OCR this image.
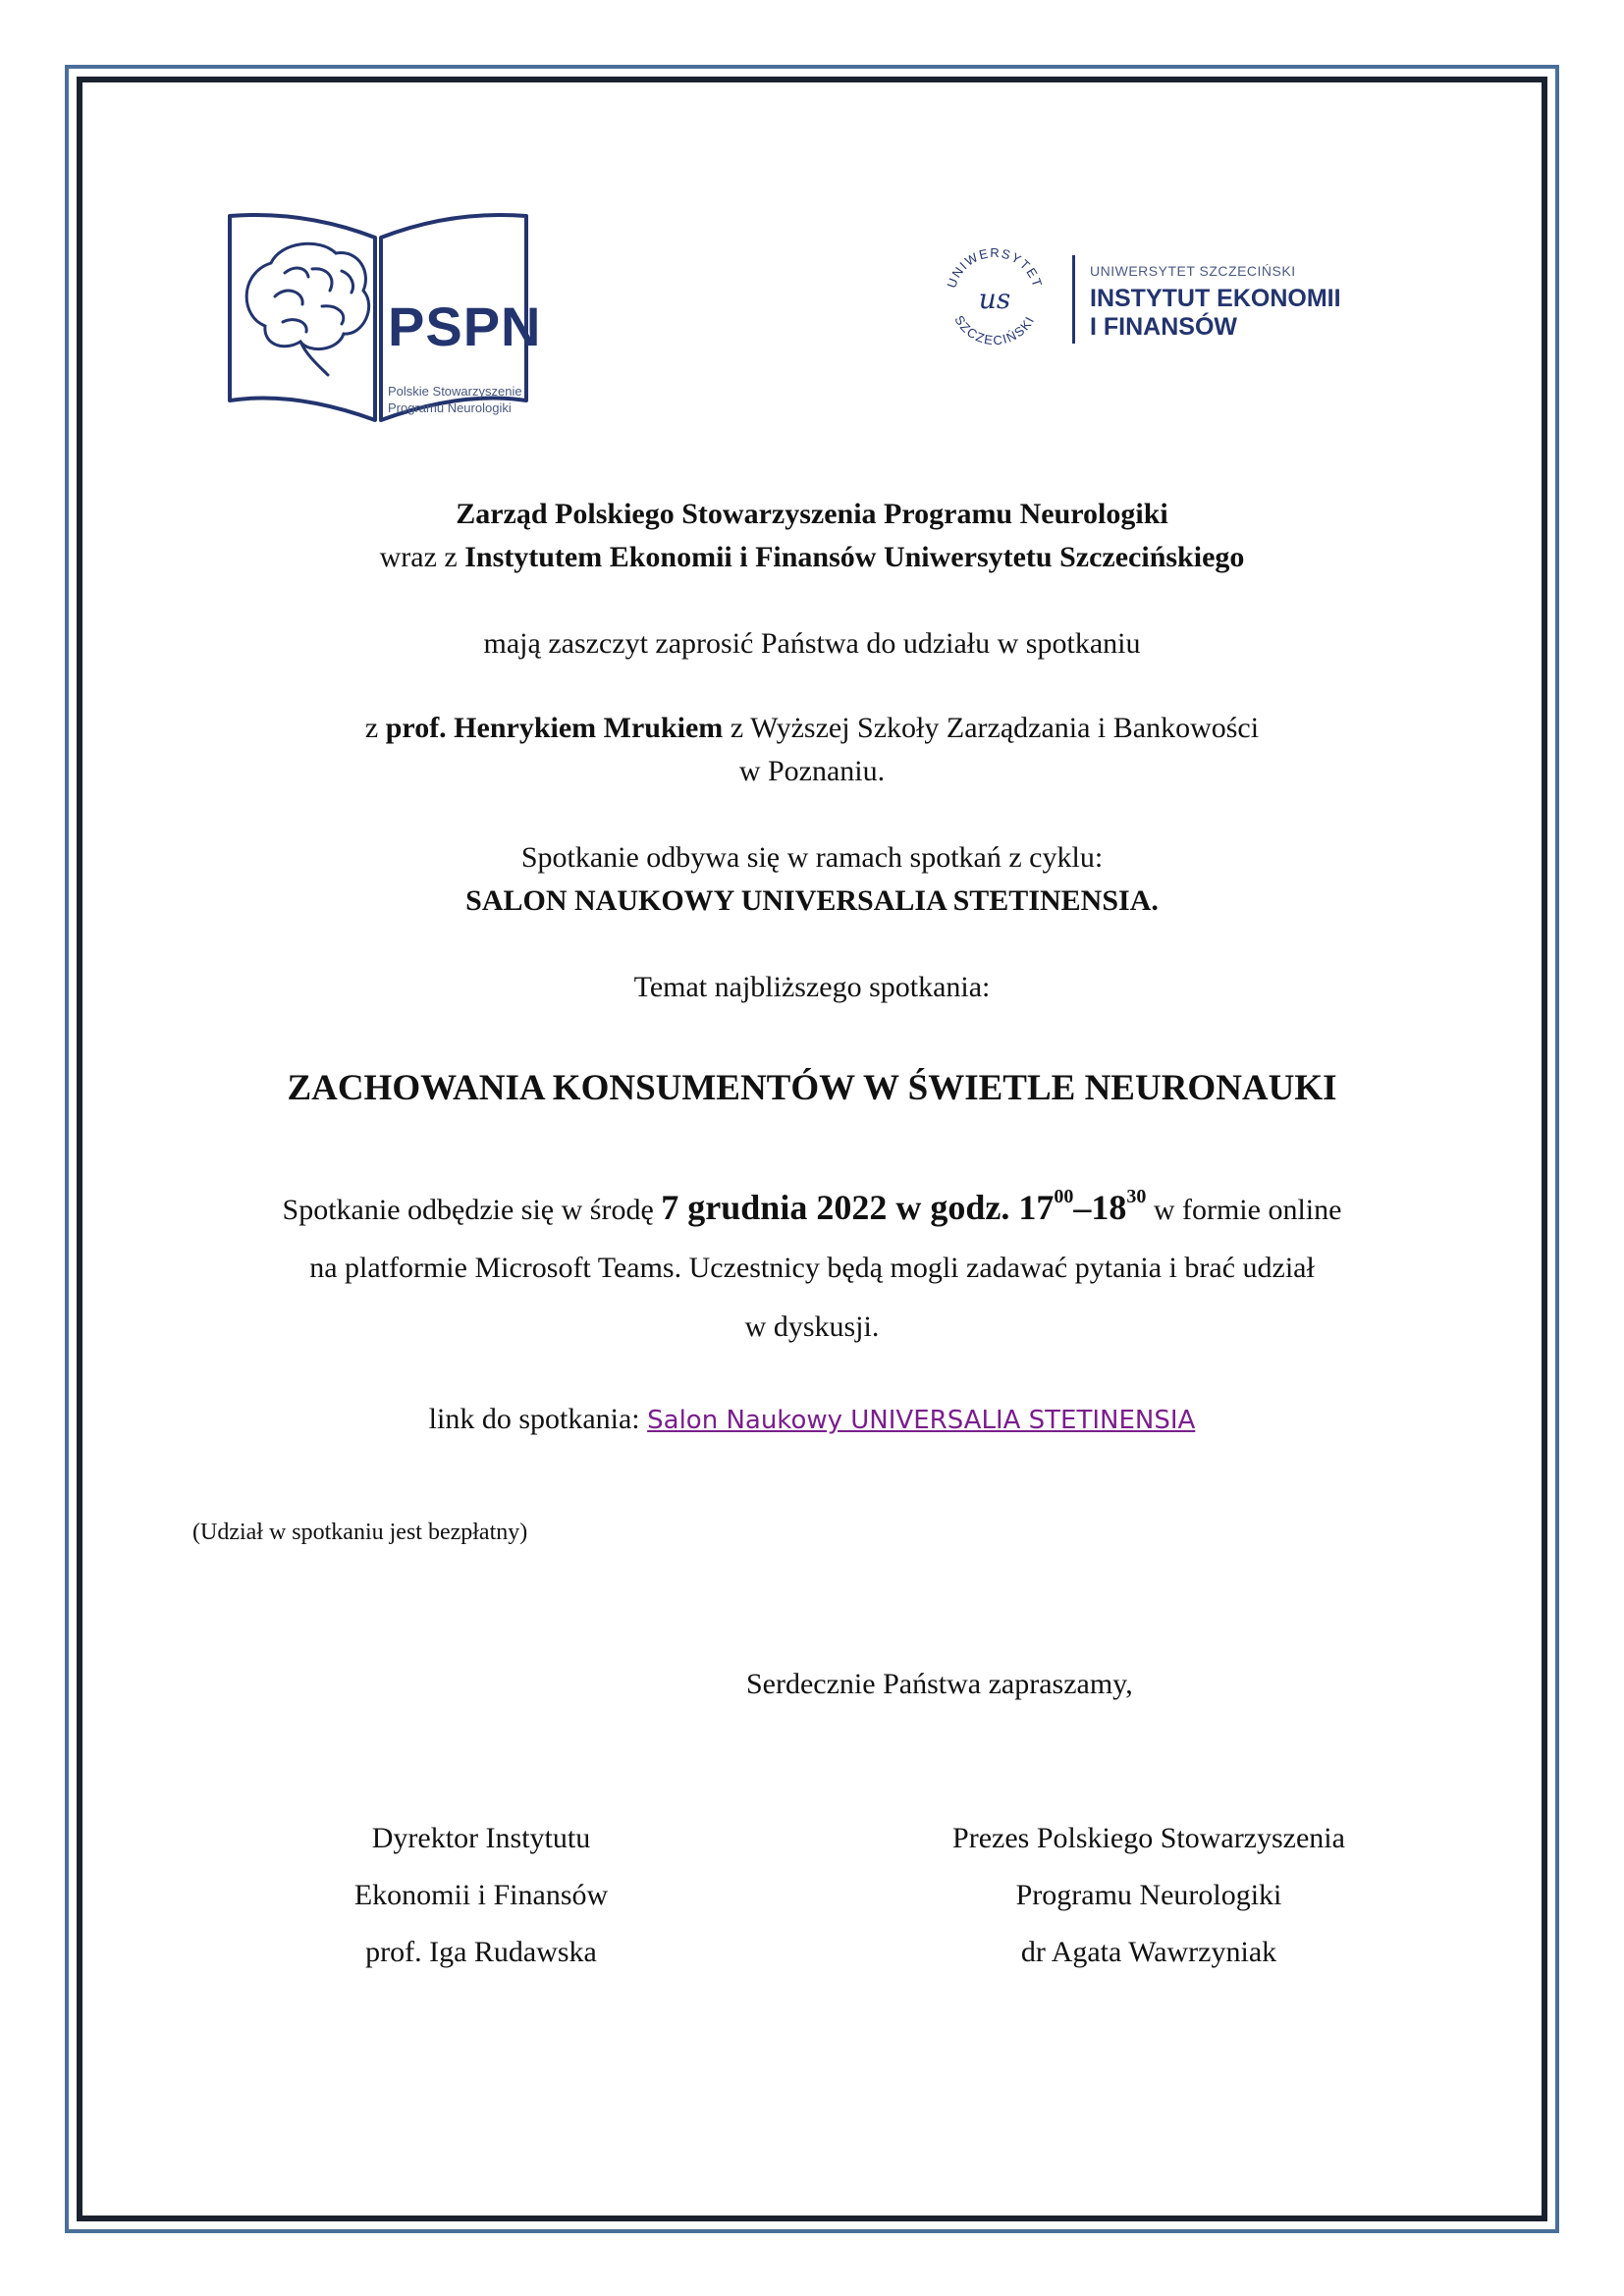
PSPN
Polskie Stowarzyszenie
Programu Neurologiki
UNIWERSYTET
SZCZECIŃSKI
us
UNIWERSYTET SZCZECIŃSKI
INSTYTUT EKONOMII
I FINANSÓW
Zarząd Polskiego Stowarzyszenia Programu Neurologiki
wraz z Instytutem Ekonomii i Finansów Uniwersytetu Szczecińskiego
mają zaszczyt zaprosić Państwa do udziału w spotkaniu
z prof. Henrykiem Mrukiem z Wyższej Szkoły Zarządzania i Bankowości
w Poznaniu.
Spotkanie odbywa się w ramach spotkań z cyklu:
SALON NAUKOWY UNIVERSALIA STETINENSIA.
Temat najbliższego spotkania:
ZACHOWANIA KONSUMENTÓW W ŚWIETLE NEURONAUKI
Spotkanie odbędzie się w środę 7 grudnia 2022 w godz. $17^{00}-18^{30}$ w formie online
na platformie Microsoft Teams. Uczestnicy będą mogli zadawać pytania i brać udział
w dyskusji.
link do spotkania: Salon Naukowy UNIVERSALIA STETINENSIA
(Udział w spotkaniu jest bezpłatny)
Serdecznie Państwa zapraszamy,
Dyrektor Instytutu
Ekonomii i Finansów
prof. Iga Rudawska
Prezes Polskiego Stowarzyszenia
Programu Neurologiki
dr Agata Wawrzyniak
